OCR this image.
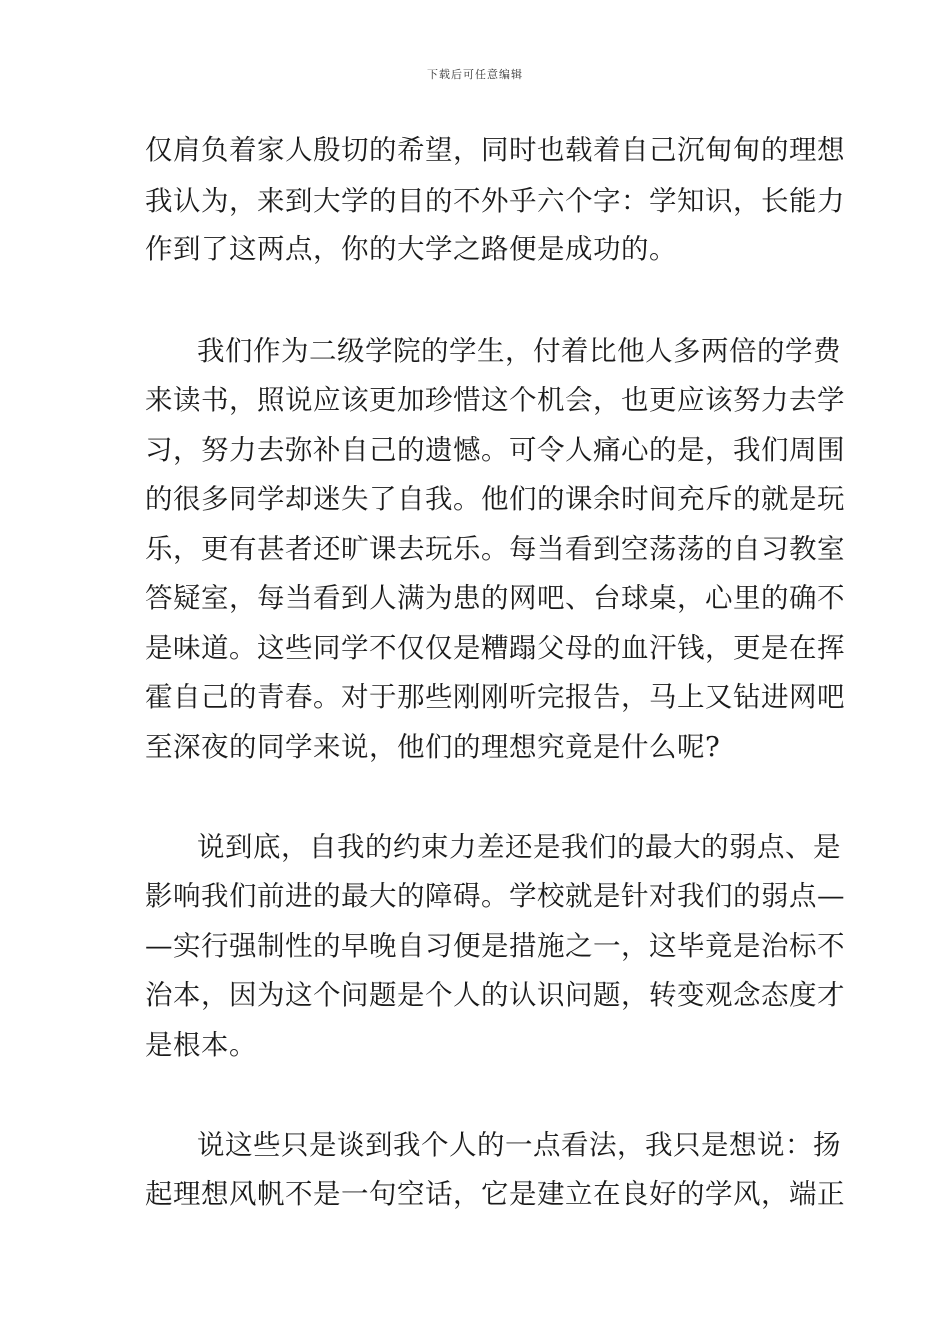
下载后可任意编辑
仅肩负着家人殷切的希望，同时也载着自己沉甸甸的理想
我认为，来到大学的目的不外乎六个字：学知识，长能力
作到了这两点，你的大学之路便是成功的。
我们作为二级学院的学生，付着比他人多两倍的学费
来读书，照说应该更加珍惜这个机会，也更应该努力去学
习，努力去弥补自己的遗憾。可令人痛心的是，我们周围
的很多同学却迷失了自我。他们的课余时间充斥的就是玩
乐，更有甚者还旷课去玩乐。每当看到空荡荡的自习教室
答疑室，每当看到人满为患的网吧、台球桌，心里的确不
是味道。这些同学不仅仅是糟蹋父母的血汗钱，更是在挥
霍自己的青春。对于那些刚刚听完报告，马上又钻进网吧
至深夜的同学来说，他们的理想究竟是什么呢?
说到底，自我的约束力差还是我们的最大的弱点、是
影响我们前进的最大的障碍。学校就是针对我们的弱点—
—实行强制性的早晚自习便是措施之一，这毕竟是治标不
治本，因为这个问题是个人的认识问题，转变观念态度才
是根本。
说这些只是谈到我个人的一点看法，我只是想说：扬
起理想风帆不是一句空话，它是建立在良好的学风，端正
